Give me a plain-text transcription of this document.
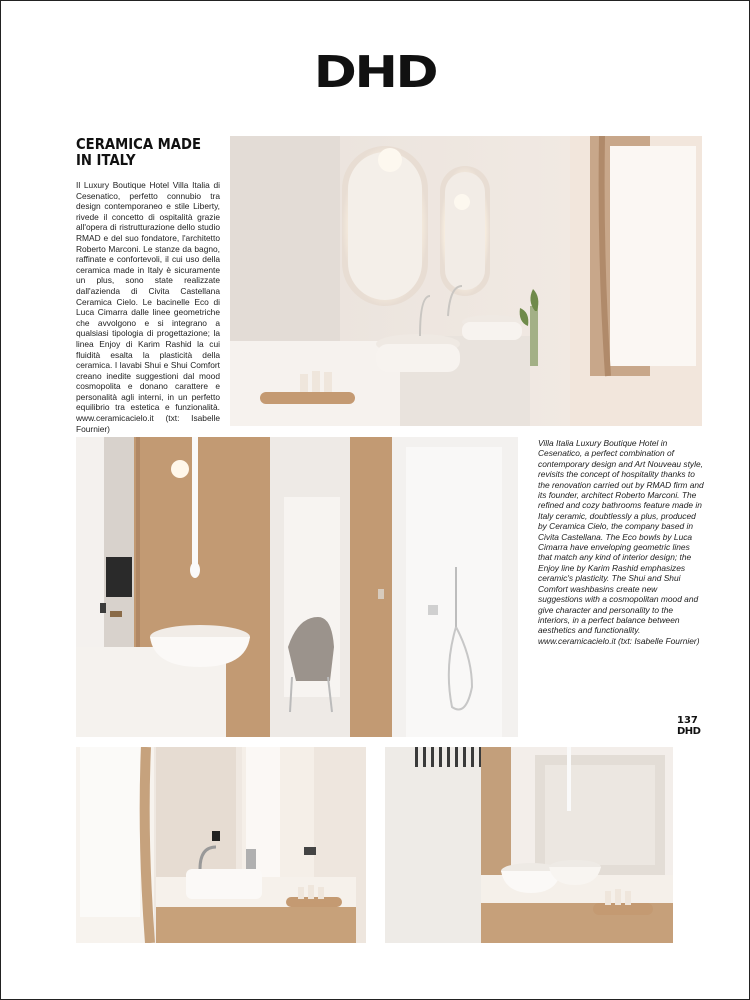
DHD
CERAMICA MADE IN ITALY
Il Luxury Boutique Hotel Villa Italia di Cesenatico, perfetto connubio tra design contemporaneo e stile Liberty, rivede il concetto di ospitalità grazie all'opera di ristrutturazione dello studio RMAD e del suo fondatore, l'architetto Roberto Marconi. Le stanze da bagno, raffinate e confortevoli, il cui uso della ceramica made in Italy è sicuramente un plus, sono state realizzate dall'azienda di Civita Castellana Ceramica Cielo. Le bacinelle Eco di Luca Cimarra dalle linee geometriche che avvolgono e si integrano a qualsiasi tipologia di progettazione; la linea Enjoy di Karim Rashid la cui fluidità esalta la plasticità della ceramica. I lavabi Shui e Shui Comfort creano inedite suggestioni dal mood cosmopolita e donano carattere e personalità agli interni, in un perfetto equilibrio tra estetica e funzionalità. www.ceramicacielo.it (txt: Isabelle Fournier)
Villa Italia Luxury Boutique Hotel in Cesenatico, a perfect combination of contemporary design and Art Nouveau style, revisits the concept of hospitality thanks to the renovation carried out by RMAD firm and its founder, architect Roberto Marconi. The refined and cozy bathrooms feature made in Italy ceramic, doubtlessly a plus, produced by Ceramica Cielo, the company based in Civita Castellana. The Eco bowls by Luca Cimarra have enveloping geometric lines that match any kind of interior design; the Enjoy line by Karim Rashid emphasizes ceramic's plasticity. The Shui and Shui Comfort washbasins create new suggestions with a cosmopolitan mood and give character and personality to the interiors, in a perfect balance between aesthetics and functionality. www.ceramicacielo.it (txt: Isabelle Fournier)
137
DHD
